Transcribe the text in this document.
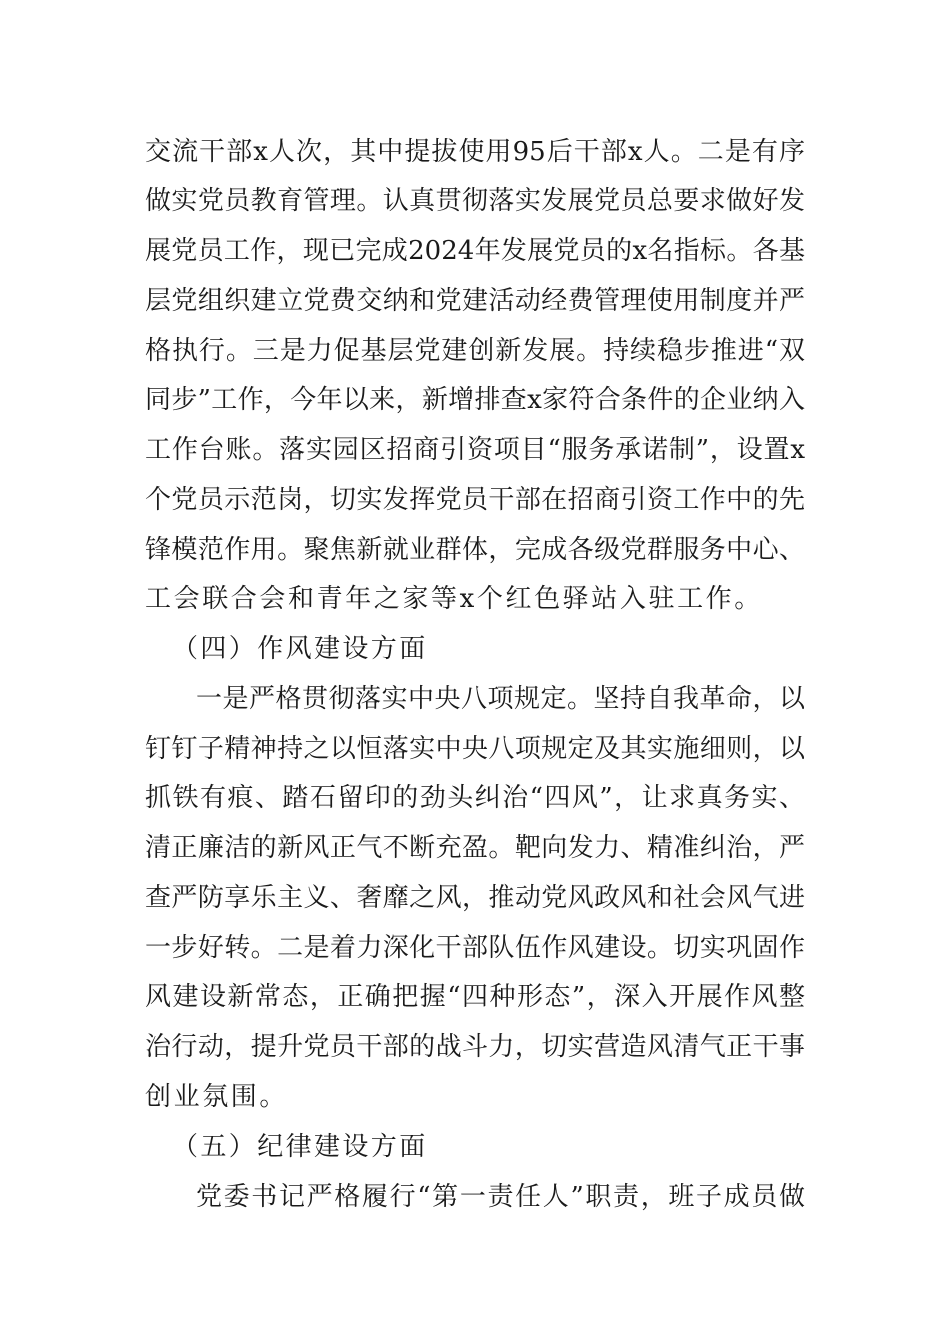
交流干部x人次，其中提拔使用95后干部x人。二是有序
做实党员教育管理。认真贯彻落实发展党员总要求做好发
展党员工作，现已完成2024年发展党员的x名指标。各基
层党组织建立党费交纳和党建活动经费管理使用制度并严
格执行。三是力促基层党建创新发展。持续稳步推进“双
同步”工作，今年以来，新增排查x家符合条件的企业纳入
工作台账。落实园区招商引资项目“服务承诺制”，设置x
个党员示范岗，切实发挥党员干部在招商引资工作中的先
锋模范作用。聚焦新就业群体，完成各级党群服务中心、
工会联合会和青年之家等x个红色驿站入驻工作。
（四）作风建设方面
一是严格贯彻落实中央八项规定。坚持自我革命，以
钉钉子精神持之以恒落实中央八项规定及其实施细则，以
抓铁有痕、踏石留印的劲头纠治“四风”，让求真务实、
清正廉洁的新风正气不断充盈。靶向发力、精准纠治，严
查严防享乐主义、奢靡之风，推动党风政风和社会风气进
一步好转。二是着力深化干部队伍作风建设。切实巩固作
风建设新常态，正确把握“四种形态”，深入开展作风整
治行动，提升党员干部的战斗力，切实营造风清气正干事
创业氛围。
（五）纪律建设方面
党委书记严格履行“第一责任人”职责，班子成员做
